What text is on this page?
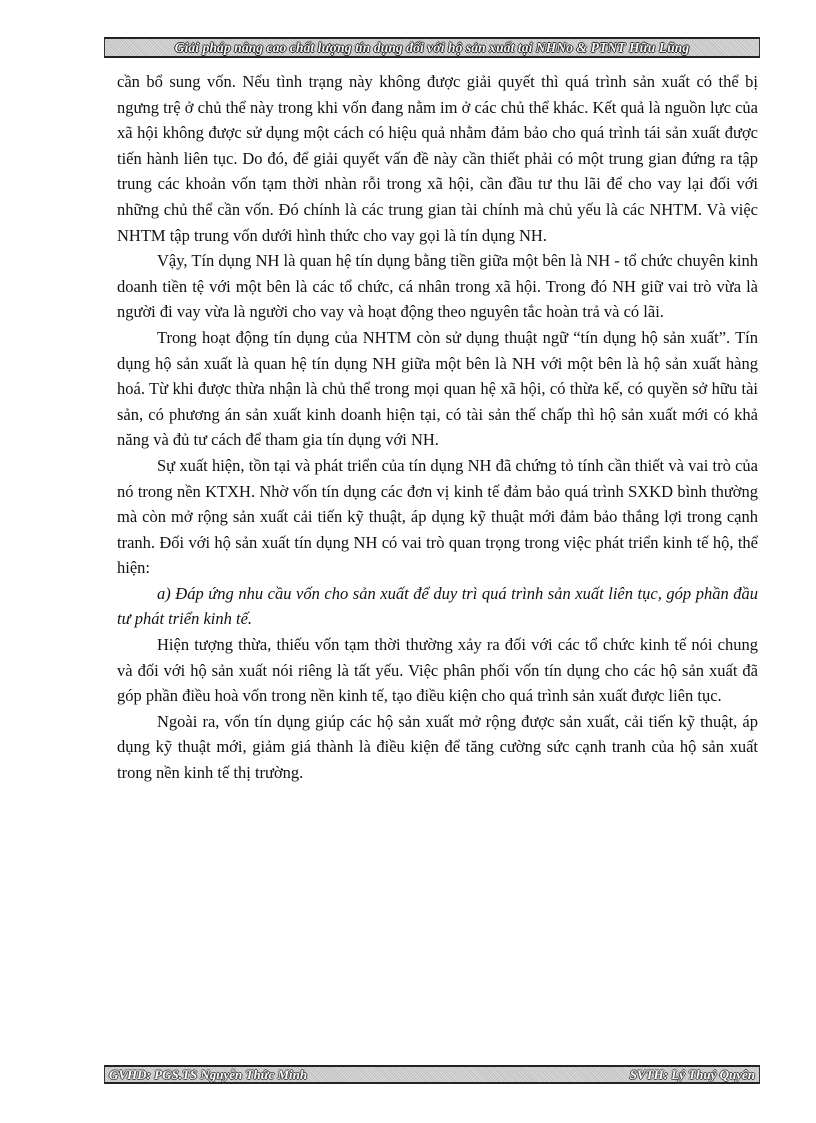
Giải pháp nâng cao chất lượng tín dụng đối với hộ sản xuất tại NHNo & PTNT Hữu Lũng

cần bổ sung vốn. Nếu tình trạng này không được giải quyết thì quá trình sản xuất có thể bị ngưng trệ ở chủ thể này trong khi vốn đang nằm im ở các chủ thể khác. Kết quả là nguồn lực của xã hội không được sử dụng một cách có hiệu quả nhằm đảm bảo cho quá trình tái sản xuất được tiến hành liên tục. Do đó, để giải quyết vấn đề này cần thiết phải có một trung gian đứng ra tập trung các khoản vốn tạm thời nhàn rỗi trong xã hội, cần đầu tư thu lãi để cho vay lại đối với những chủ thể cần vốn. Đó chính là các trung gian tài chính mà chủ yếu là các NHTM. Và việc NHTM tập trung vốn dưới hình thức cho vay gọi là tín dụng NH.

Vậy, Tín dụng NH là quan hệ tín dụng bằng tiền giữa một bên là NH - tổ chức chuyên kinh doanh tiền tệ với một bên là các tổ chức, cá nhân trong xã hội. Trong đó NH giữ vai trò vừa là người đi vay vừa là người cho vay và hoạt động theo nguyên tắc hoàn trả và có lãi.

Trong hoạt động tín dụng của NHTM còn sử dụng thuật ngữ “tín dụng hộ sản xuất”. Tín dụng hộ sản xuất là quan hệ tín dụng NH giữa một bên là NH với một bên là hộ sản xuất hàng hoá. Từ khi được thừa nhận là chủ thể trong mọi quan hệ xã hội, có thừa kế, có quyền sở hữu tài sản, có phương án sản xuất kinh doanh hiện tại, có tài sản thế chấp thì hộ sản xuất mới có khả năng và đủ tư cách để tham gia tín dụng với NH.

Sự xuất hiện, tồn tại và phát triển của tín dụng NH đã chứng tỏ tính cần thiết và vai trò của nó trong nền KTXH. Nhờ vốn tín dụng các đơn vị kinh tế đảm bảo quá trình SXKD bình thường mà còn mở rộng sản xuất cải tiến kỹ thuật, áp dụng kỹ thuật mới đảm bảo thắng lợi trong cạnh tranh. Đối với hộ sản xuất tín dụng NH có vai trò quan trọng trong việc phát triển kinh tế hộ, thể hiện:

a) Đáp ứng nhu cầu vốn cho sản xuất để duy trì quá trình sản xuất liên tục, góp phần đầu tư phát triển kinh tế.

Hiện tượng thừa, thiếu vốn tạm thời thường xảy ra đối với các tổ chức kinh tế nói chung và đối với hộ sản xuất nói riêng là tất yếu. Việc phân phối vốn tín dụng cho các hộ sản xuất đã góp phần điều hoà vốn trong nền kinh tế, tạo điều kiện cho quá trình sản xuất được liên tục.

Ngoài ra, vốn tín dụng giúp các hộ sản xuất mở rộng được sản xuất, cải tiến kỹ thuật, áp dụng kỹ thuật mới, giảm giá thành là điều kiện để tăng cường sức cạnh tranh của hộ sản xuất trong nền kinh tế thị trường.

GVHD: PGS.TS Nguyễn Thức Minh	SVTH: Lý Thuý Quyên
